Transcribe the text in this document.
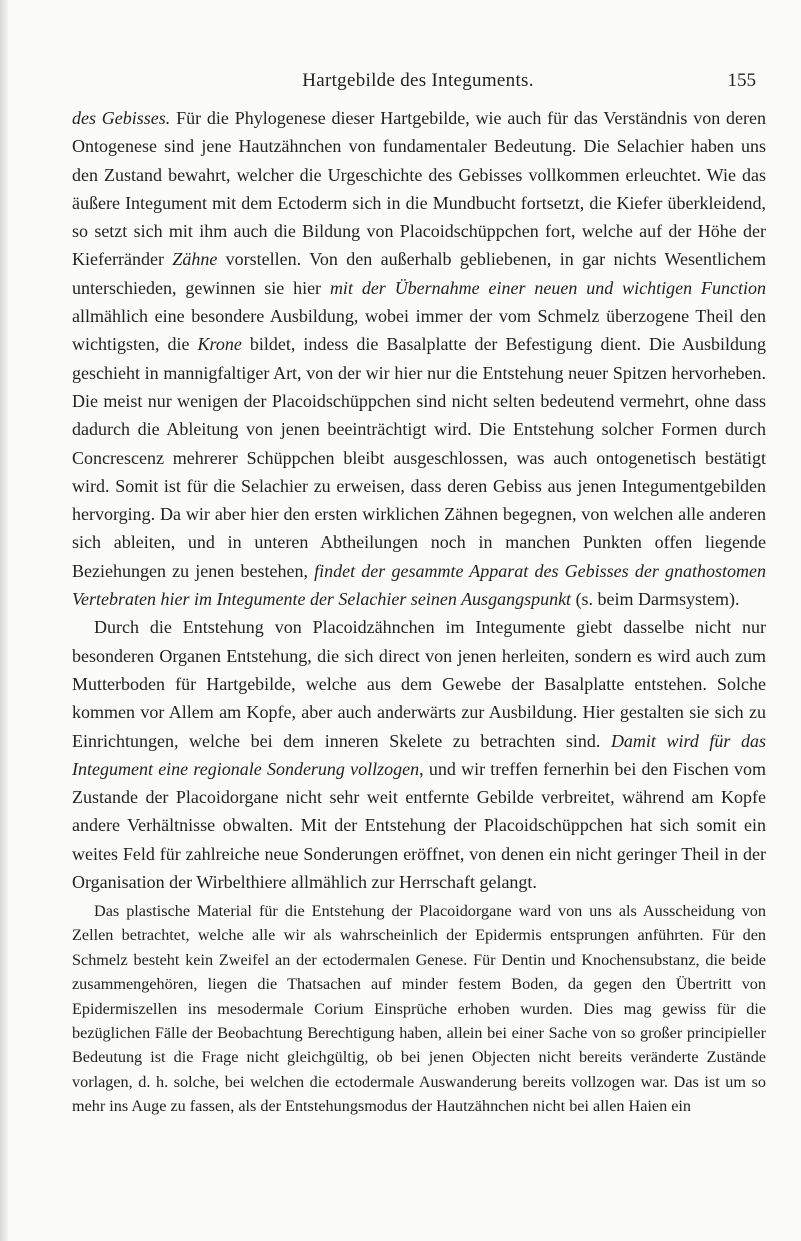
Hartgebilde des Integuments.	155

des Gebisses. Für die Phylogenese dieser Hartgebilde, wie auch für das Verständnis von deren Ontogenese sind jene Hautzähnchen von fundamentaler Bedeutung. Die Selachier haben uns den Zustand bewahrt, welcher die Urgeschichte des Gebisses vollkommen erleuchtet. Wie das äußere Integument mit dem Ectoderm sich in die Mundbucht fortsetzt, die Kiefer überkleidend, so setzt sich mit ihm auch die Bildung von Placoidschüppchen fort, welche auf der Höhe der Kieferränder Zähne vorstellen. Von den außerhalb gebliebenen, in gar nichts Wesentlichem unterschieden, gewinnen sie hier mit der Übernahme einer neuen und wichtigen Function allmählich eine besondere Ausbildung, wobei immer der vom Schmelz überzogene Theil den wichtigsten, die Krone bildet, indess die Basalplatte der Befestigung dient. Die Ausbildung geschieht in mannigfaltiger Art, von der wir hier nur die Entstehung neuer Spitzen hervorheben. Die meist nur wenigen der Placoidschüppchen sind nicht selten bedeutend vermehrt, ohne dass dadurch die Ableitung von jenen beeinträchtigt wird. Die Entstehung solcher Formen durch Concrescenz mehrerer Schüppchen bleibt ausgeschlossen, was auch ontogenetisch bestätigt wird. Somit ist für die Selachier zu erweisen, dass deren Gebiss aus jenen Integumentgebilden hervorging. Da wir aber hier den ersten wirklichen Zähnen begegnen, von welchen alle anderen sich ableiten, und in unteren Abtheilungen noch in manchen Punkten offen liegende Beziehungen zu jenen bestehen, findet der gesammte Apparat des Gebisses der gnathostomen Vertebraten hier im Integumente der Selachier seinen Ausgangspunkt (s. beim Darmsystem).

Durch die Entstehung von Placoidzähnchen im Integumente giebt dasselbe nicht nur besonderen Organen Entstehung, die sich direct von jenen herleiten, sondern es wird auch zum Mutterboden für Hartgebilde, welche aus dem Gewebe der Basalplatte entstehen. Solche kommen vor Allem am Kopfe, aber auch anderwärts zur Ausbildung. Hier gestalten sie sich zu Einrichtungen, welche bei dem inneren Skelete zu betrachten sind. Damit wird für das Integument eine regionale Sonderung vollzogen, und wir treffen fernerhin bei den Fischen vom Zustande der Placoidorgane nicht sehr weit entfernte Gebilde verbreitet, während am Kopfe andere Verhältnisse obwalten. Mit der Entstehung der Placoidschüppchen hat sich somit ein weites Feld für zahlreiche neue Sonderungen eröffnet, von denen ein nicht geringer Theil in der Organisation der Wirbelthiere allmählich zur Herrschaft gelangt.

Das plastische Material für die Entstehung der Placoidorgane ward von uns als Ausscheidung von Zellen betrachtet, welche alle wir als wahrscheinlich der Epidermis entsprungen anführten. Für den Schmelz besteht kein Zweifel an der ectodermalen Genese. Für Dentin und Knochensubstanz, die beide zusammengehören, liegen die Thatsachen auf minder festem Boden, da gegen den Übertritt von Epidermiszellen ins mesodermale Corium Einsprüche erhoben wurden. Dies mag gewiss für die bezüglichen Fälle der Beobachtung Berechtigung haben, allein bei einer Sache von so großer principieller Bedeutung ist die Frage nicht gleichgültig, ob bei jenen Objecten nicht bereits veränderte Zustände vorlagen, d. h. solche, bei welchen die ectodermale Auswanderung bereits vollzogen war. Das ist um so mehr ins Auge zu fassen, als der Entstehungsmodus der Hautzähnchen nicht bei allen Haien ein
